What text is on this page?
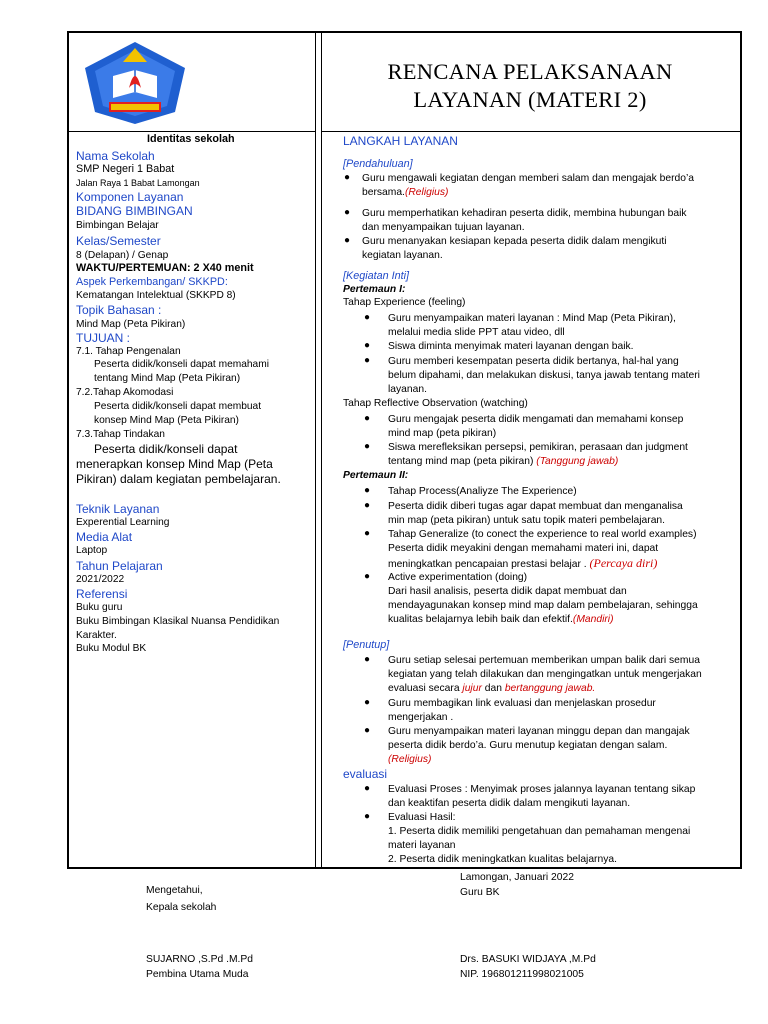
RENCANA PELAKSANAAN
LAYANAN (MATERI 2)
Identitas sekolah
Nama Sekolah
SMP Negeri 1 Babat
Jalan Raya 1 Babat Lamongan
Komponen Layanan
BIDANG BIMBINGAN
Bimbingan Belajar
Kelas/Semester
8 (Delapan) / Genap
WAKTU/PERTEMUAN: 2 X40 menit
Aspek Perkembangan/ SKKPD:
Kematangan Intelektual (SKKPD 8)
Topik Bahasan :
Mind Map (Peta Pikiran)
TUJUAN :
7.1. Tahap Pengenalan
Peserta didik/konseli dapat memahami
tentang Mind Map (Peta Pikiran)
7.2.Tahap Akomodasi
Peserta didik/konseli dapat membuat
konsep Mind Map (Peta Pikiran)
7.3.Tahap Tindakan
Peserta didik/konseli dapat
menerapkan konsep Mind Map (Peta
Pikiran) dalam kegiatan pembelajaran.
Teknik Layanan
Experential Learning
Media Alat
Laptop
Tahun Pelajaran
2021/2022
Referensi
Buku guru
Buku Bimbingan Klasikal Nuansa Pendidikan
Karakter.
Buku Modul BK
LANGKAH LAYANAN
[Pendahuluan]
● Guru mengawali kegiatan dengan memberi salam dan mengajak berdo’a
bersama.(Religius)
● Guru memperhatikan kehadiran peserta didik, membina hubungan baik
dan menyampaikan tujuan layanan.
● Guru menanyakan kesiapan kepada peserta didik dalam mengikuti
kegiatan layanan.
[Kegiatan Inti]
Pertemaun I:
Tahap Experience (feeling)
● Guru menyampaikan materi layanan : Mind Map (Peta Pikiran),
melalui media slide PPT atau video, dll
● Siswa diminta menyimak materi layanan dengan baik.
● Guru memberi kesempatan peserta didik bertanya, hal-hal yang
belum dipahami, dan melakukan diskusi, tanya jawab tentang materi
layanan.
Tahap Reflective Observation (watching)
● Guru mengajak peserta didik mengamati dan memahami konsep
mind map (peta pikiran)
● Siswa merefleksikan persepsi, pemikiran, perasaan dan judgment
tentang mind map (peta pikiran) (Tanggung jawab)
Pertemaun II:
● Tahap Process(Analiyze The Experience)
● Peserta didik diberi tugas agar dapat membuat dan menganalisa
min map (peta pikiran) untuk satu topik materi pembelajaran.
● Tahap Generalize (to conect the experience to real world examples)
Peserta didik meyakini dengan memahami materi ini, dapat
meningkatkan pencapaian prestasi belajar . (Percaya diri)
● Active experimentation (doing)
Dari hasil analisis, peserta didik dapat membuat dan
mendayagunakan konsep mind map dalam pembelajaran, sehingga
kualitas belajarnya lebih baik dan efektif.(Mandiri)
[Penutup]
● Guru setiap selesai pertemuan memberikan umpan balik dari semua
kegiatan yang telah dilakukan dan mengingatkan untuk mengerjakan
evaluasi secara jujur dan bertanggung jawab.
● Guru membagikan link evaluasi dan menjelaskan prosedur
mengerjakan .
● Guru menyampaikan materi layanan minggu depan dan mangajak
peserta didik berdo’a. Guru menutup kegiatan dengan salam.
(Religius)
evaluasi
● Evaluasi Proses : Menyimak proses jalannya layanan tentang sikap
dan keaktifan peserta didik dalam mengikuti layanan.
● Evaluasi Hasil:
1. Peserta didik memiliki pengetahuan dan pemahaman mengenai
materi layanan
2. Peserta didik meningkatkan kualitas belajarnya.
Lamongan, Januari 2022
Guru BK
Mengetahui,
Kepala sekolah
SUJARNO ,S.Pd .M.Pd
Pembina Utama Muda
Drs. BASUKI WIDJAYA ,M.Pd
NIP. 196801211998021005
